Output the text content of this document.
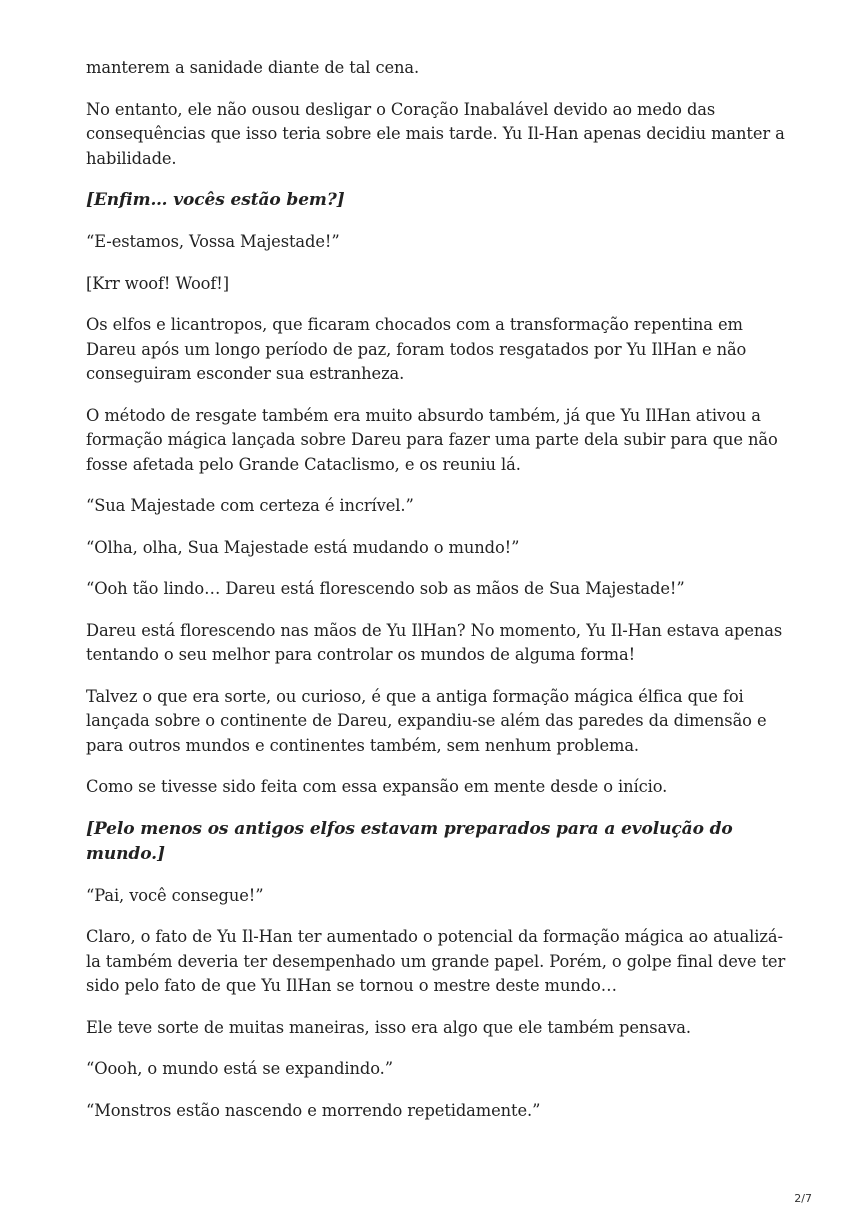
manterem a sanidade diante de tal cena.

No entanto, ele não ousou desligar o Coração Inabalável devido ao medo das consequências que isso teria sobre ele mais tarde. Yu Il-Han apenas decidiu manter a habilidade.

[Enfim… vocês estão bem?]

“E-estamos, Vossa Majestade!”

[Krr woof! Woof!]

Os elfos e licantropos, que ficaram chocados com a transformação repentina em Dareu após um longo período de paz, foram todos resgatados por Yu IlHan e não conseguiram esconder sua estranheza.

O método de resgate também era muito absurdo também, já que Yu IlHan ativou a formação mágica lançada sobre Dareu para fazer uma parte dela subir para que não fosse afetada pelo Grande Cataclismo, e os reuniu lá.

“Sua Majestade com certeza é incrível.”

“Olha, olha, Sua Majestade está mudando o mundo!”

“Ooh tão lindo… Dareu está florescendo sob as mãos de Sua Majestade!”

Dareu está florescendo nas mãos de Yu IlHan? No momento, Yu Il-Han estava apenas tentando o seu melhor para controlar os mundos de alguma forma!

Talvez o que era sorte, ou curioso, é que a antiga formação mágica élfica que foi lançada sobre o continente de Dareu, expandiu-se além das paredes da dimensão e para outros mundos e continentes também, sem nenhum problema.

Como se tivesse sido feita com essa expansão em mente desde o início.

[Pelo menos os antigos elfos estavam preparados para a evolução do mundo.]

“Pai, você consegue!”

Claro, o fato de Yu Il-Han ter aumentado o potencial da formação mágica ao atualizá-la também deveria ter desempenhado um grande papel. Porém, o golpe final deve ter sido pelo fato de que Yu IlHan se tornou o mestre deste mundo…

Ele teve sorte de muitas maneiras, isso era algo que ele também pensava.

“Oooh, o mundo está se expandindo.”

“Monstros estão nascendo e morrendo repetidamente.”

2/7
